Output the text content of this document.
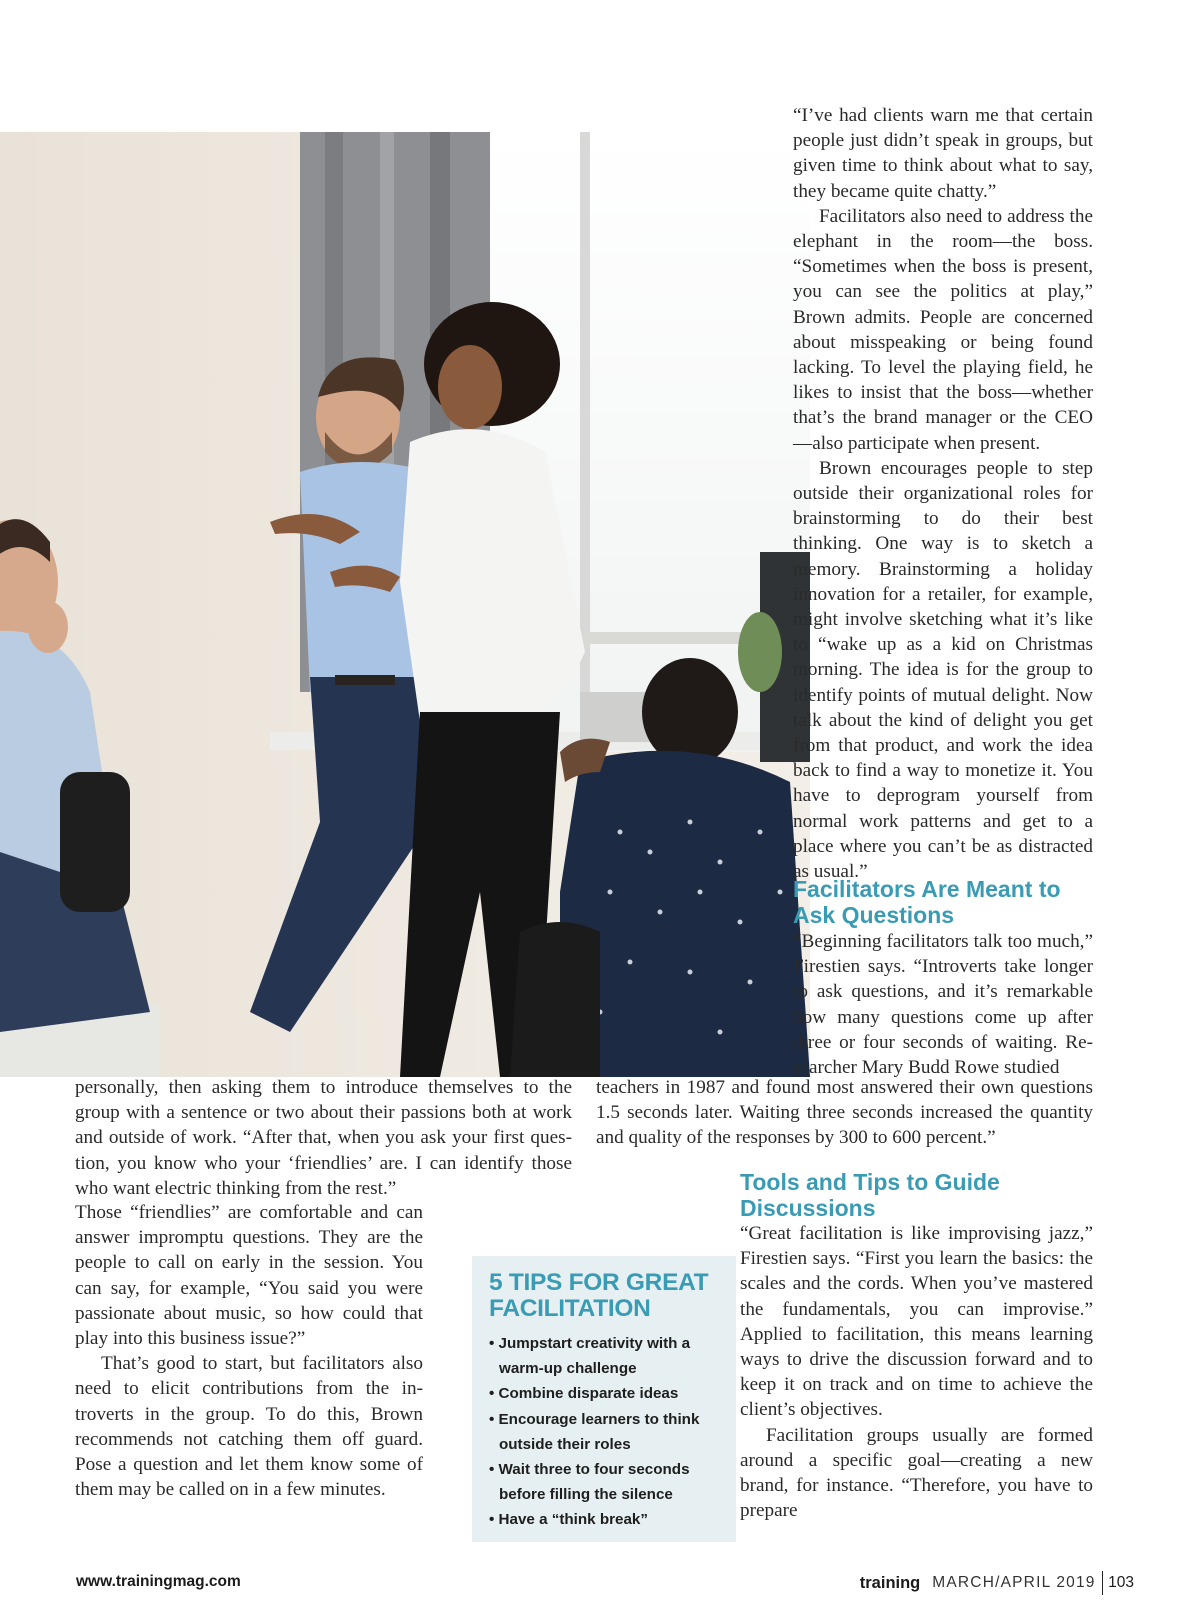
“I’ve had clients warn me that certain people just didn’t speak in groups, but given time to think about what to say, they became quite chatty.”

Facilitators also need to address the elephant in the room—the boss. “Sometimes when the boss is present, you can see the politics at play,” Brown admits. People are concerned about misspeaking or being found lacking. To level the playing field, he likes to insist that the boss—whether that’s the brand manager or the CEO—also participate when present.

Brown encourages people to step outside their organizational roles for brainstorming to do their best thinking. One way is to sketch a memory. Brainstorming a holiday innovation for a retailer, for example, might involve sketching what it’s like to “wake up as a kid on Christmas morning. The idea is for the group to identify points of mutual delight. Now talk about the kind of delight you get from that product, and work the idea back to find a way to monetize it. You have to deprogram yourself from normal work patterns and get to a place where you can’t be as distracted as usual.”

Facilitators Are Meant to Ask Questions

“Beginning facilitators talk too much,” Firestien says. “Introverts take longer to ask questions, and it’s remarkable how many questions come up after three or four seconds of waiting. Researcher Mary Budd Rowe studied

teachers in 1987 and found most answered their own questions 1.5 seconds later. Waiting three seconds increased the quantity and quality of the responses by 300 to 600 percent.”

personally, then asking them to introduce themselves to the group with a sentence or two about their passions both at work and outside of work. “After that, when you ask your first question, you know who your ‘friendlies’ are. I can identify those who want electric thinking from the rest.”

Those “friendlies” are comfortable and can answer impromptu questions. They are the people to call on early in the session. You can say, for example, “You said you were passionate about music, so how could that play into this business issue?”

That’s good to start, but facilitators also need to elicit contributions from the introverts in the group. To do this, Brown recommends not catching them off guard. Pose a question and let them know some of them may be called on in a few minutes.

5 TIPS FOR GREAT FACILITATION
• Jumpstart creativity with a warm-up challenge
• Combine disparate ideas
• Encourage learners to think outside their roles
• Wait three to four seconds before filling the silence
• Have a “think break”
Tools and Tips to Guide Discussions

“Great facilitation is like improvising jazz,” Firestien says. “First you learn the basics: the scales and the cords. When you’ve mastered the fundamentals, you can improvise.” Applied to facilitation, this means learning ways to drive the discussion forward and to keep it on track and on time to achieve the client’s objectives.

Facilitation groups usually are formed around a specific goal—creating a new brand, for instance. “Therefore, you have to prepare

www.trainingmag.com	training MARCH/APRIL 2019 103
